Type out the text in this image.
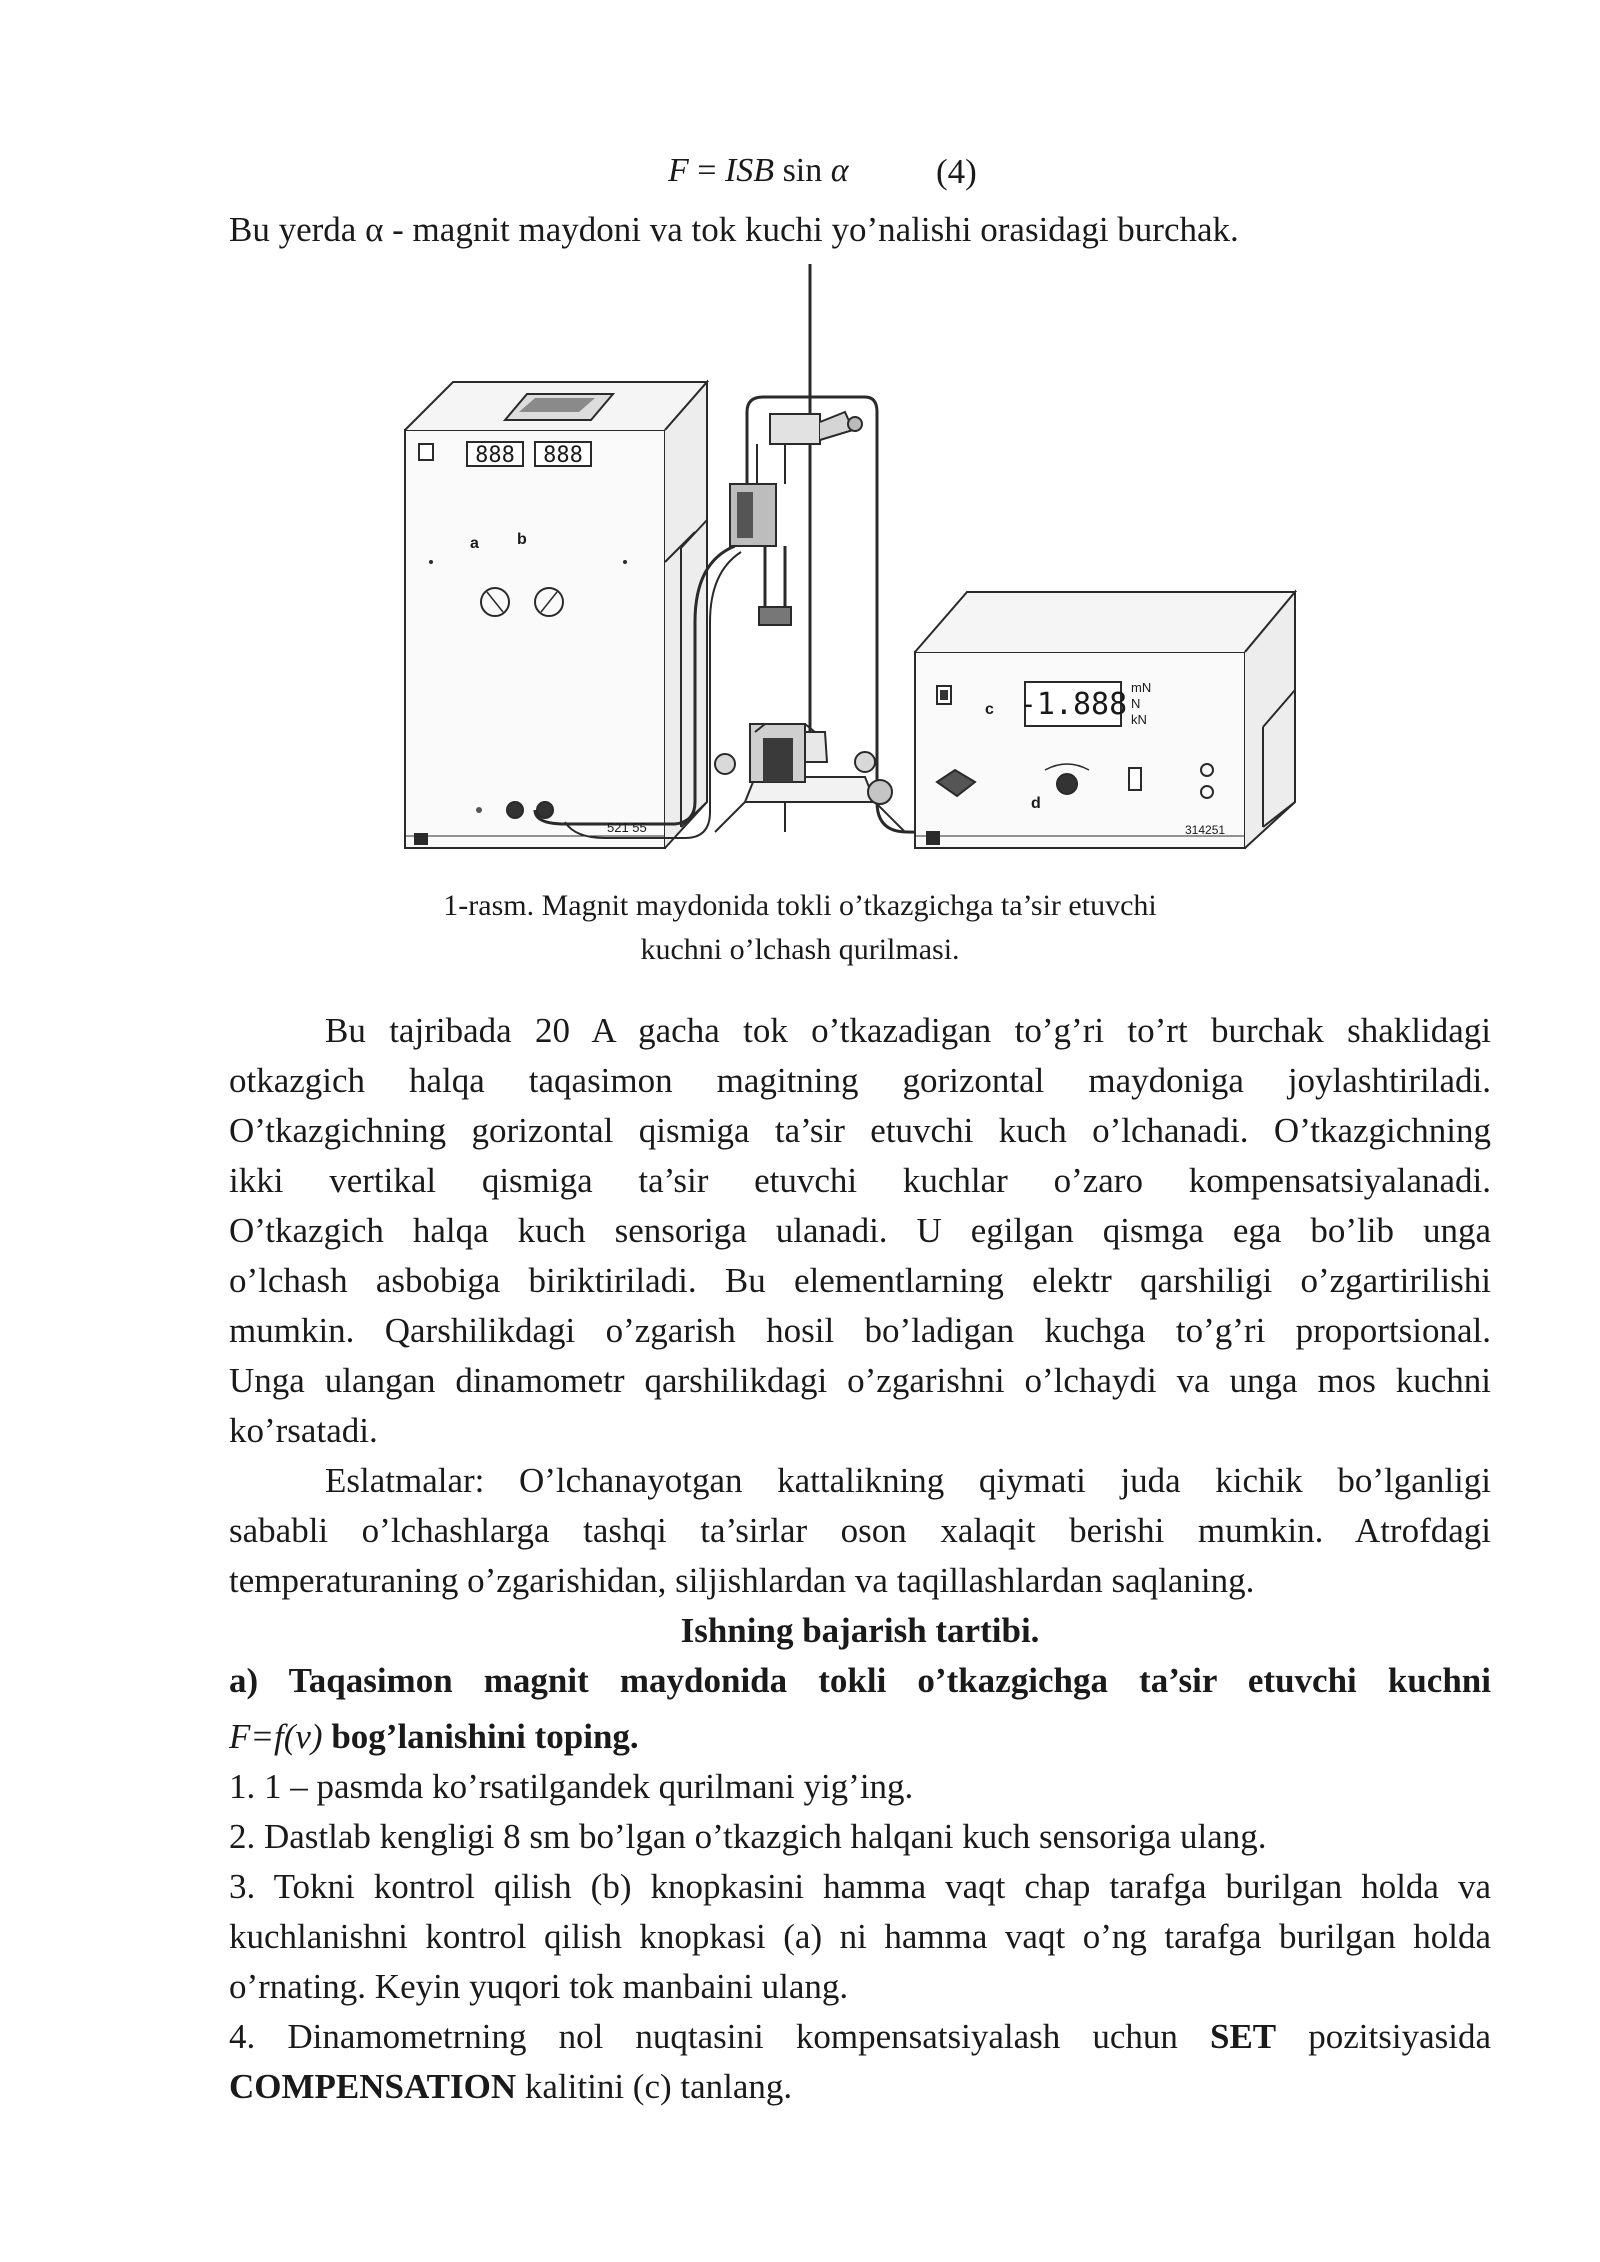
F = ISB sin α (4)
Bu yerda α - magnit maydoni va tok kuchi yo’nalishi orasidagi burchak.
888 888
a b
521 55
-1.888 mN
N
kN
c
d
314251
1-rasm. Magnit maydonida tokli o’tkazgichga ta’sir etuvchi
kuchni o’lchash qurilmasi.
Bu tajribada 20 A gacha tok o’tkazadigan to’g’ri to’rt burchak shaklidagi
otkazgich halqa taqasimon magitning gorizontal maydoniga joylashtiriladi.
O’tkazgichning gorizontal qismiga ta’sir etuvchi kuch o’lchanadi. O’tkazgichning
ikki vertikal qismiga ta’sir etuvchi kuchlar o’zaro kompensatsiyalanadi.
O’tkazgich halqa kuch sensoriga ulanadi. U egilgan qismga ega bo’lib unga
o’lchash asbobiga biriktiriladi. Bu elementlarning elektr qarshiligi o’zgartirilishi
mumkin. Qarshilikdagi o’zgarish hosil bo’ladigan kuchga to’g’ri proportsional.
Unga ulangan dinamometr qarshilikdagi o’zgarishni o’lchaydi va unga mos kuchni
ko’rsatadi.
Eslatmalar: O’lchanayotgan kattalikning qiymati juda kichik bo’lganligi
sababli o’lchashlarga tashqi ta’sirlar oson xalaqit berishi mumkin. Atrofdagi
temperaturaning o’zgarishidan, siljishlardan va taqillashlardan saqlaning.
Ishning bajarish tartibi.
a) Taqasimon magnit maydonida tokli o’tkazgichga ta’sir etuvchi kuchni
F=f(v) bog’lanishini toping.
1. 1 – pasmda ko’rsatilgandek qurilmani yig’ing.
2. Dastlab kengligi 8 sm bo’lgan o’tkazgich halqani kuch sensoriga ulang.
3. Tokni kontrol qilish (b) knopkasini hamma vaqt chap tarafga burilgan holda va
kuchlanishni kontrol qilish knopkasi (a) ni hamma vaqt o’ng tarafga burilgan holda
o’rnating. Keyin yuqori tok manbaini ulang.
4. Dinamometrning nol nuqtasini kompensatsiyalash uchun SET pozitsiyasida
COMPENSATION kalitini (c) tanlang.
